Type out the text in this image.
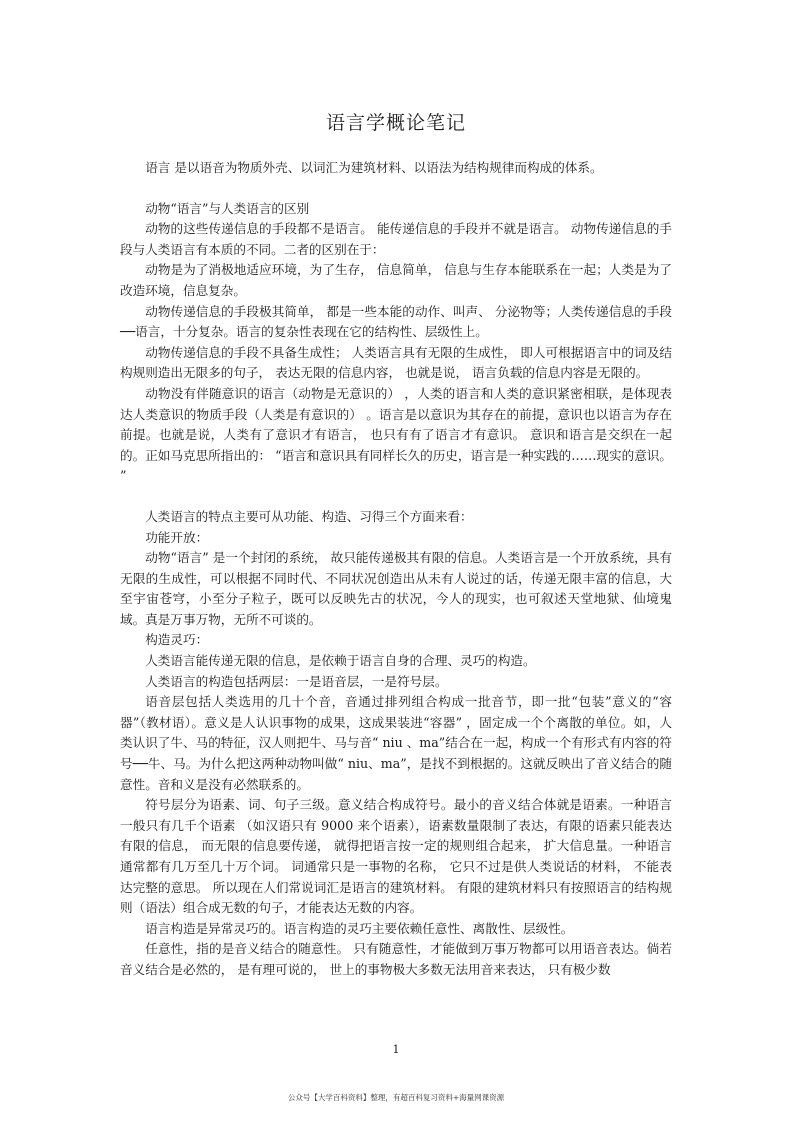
语言学概论笔记

语言 是以语音为物质外壳、以词汇为建筑材料、以语法为结构规律而构成的体系。

动物“语言”与人类语言的区别

动物的这些传递信息的手段都不是语言。 能传递信息的手段并不就是语言。 动物传递信息的手段与人类语言有本质的不同。二者的区别在于：

动物是为了消极地适应环境，为了生存， 信息简单， 信息与生存本能联系在一起；人类是为了改造环境，信息复杂。

动物传递信息的手段极其简单， 都是一些本能的动作、叫声、 分泌物等；人类传递信息的手段──语言，十分复杂。语言的复杂性表现在它的结构性、层级性上。

动物传递信息的手段不具备生成性； 人类语言具有无限的生成性， 即人可根据语言中的词及结构规则造出无限多的句子， 表达无限的信息内容， 也就是说， 语言负载的信息内容是无限的。

动物没有伴随意识的语言（动物是无意识的） ，人类的语言和人类的意识紧密相联，是体现表达人类意识的物质手段（人类是有意识的） 。语言是以意识为其存在的前提，意识也以语言为存在前提。也就是说，人类有了意识才有语言， 也只有有了语言才有意识。 意识和语言是交织在一起的。正如马克思所指出的： “语言和意识具有同样长久的历史，语言是一种实践的……现实的意识。 ”

人类语言的特点主要可从功能、构造、习得三个方面来看：

功能开放：

动物“语言” 是一个封闭的系统， 故只能传递极其有限的信息。人类语言是一个开放系统，具有无限的生成性，可以根据不同时代、不同状况创造出从未有人说过的话，传递无限丰富的信息，大至宇宙苍穹，小至分子粒子，既可以反映先古的状况，今人的现实，也可叙述天堂地狱、仙境鬼域。真是万事万物，无所不可谈的。

构造灵巧：

人类语言能传递无限的信息，是依赖于语言自身的合理、灵巧的构造。

人类语言的构造包括两层：一是语音层，一是符号层。

语音层包括人类选用的几十个音，音通过排列组合构成一批音节，即一批“包装”意义的“容器”（教材语）。意义是人认识事物的成果，这成果装进“容器” ，固定成一个个离散的单位。如，人类认识了牛、马的特征，汉人则把牛、马与音“ niu 、ma”结合在一起，构成一个有形式有内容的符号──牛、马。为什么把这两种动物叫做“ niu、ma”，是找不到根据的。这就反映出了音义结合的随意性。音和义是没有必然联系的。

符号层分为语素、词、句子三级。意义结合构成符号。最小的音义结合体就是语素。一种语言一般只有几千个语素 （如汉语只有 9000 来个语素），语素数量限制了表达，有限的语素只能表达有限的信息， 而无限的信息要传递， 就得把语言按一定的规则组合起来， 扩大信息量。一种语言通常都有几万至几十万个词。 词通常只是一事物的名称， 它只不过是供人类说话的材料， 不能表达完整的意思。 所以现在人们常说词汇是语言的建筑材料。 有限的建筑材料只有按照语言的结构规则（语法）组合成无数的句子，才能表达无数的内容。

语言构造是异常灵巧的。语言构造的灵巧主要依赖任意性、离散性、层级性。

任意性，指的是音义结合的随意性。 只有随意性，才能做到万事万物都可以用语音表达。倘若音义结合是必然的， 是有理可说的， 世上的事物极大多数无法用音来表达， 只有极少数

1
公众号【大学百科资料】整理，有超百科复习资料+海量网课资源
